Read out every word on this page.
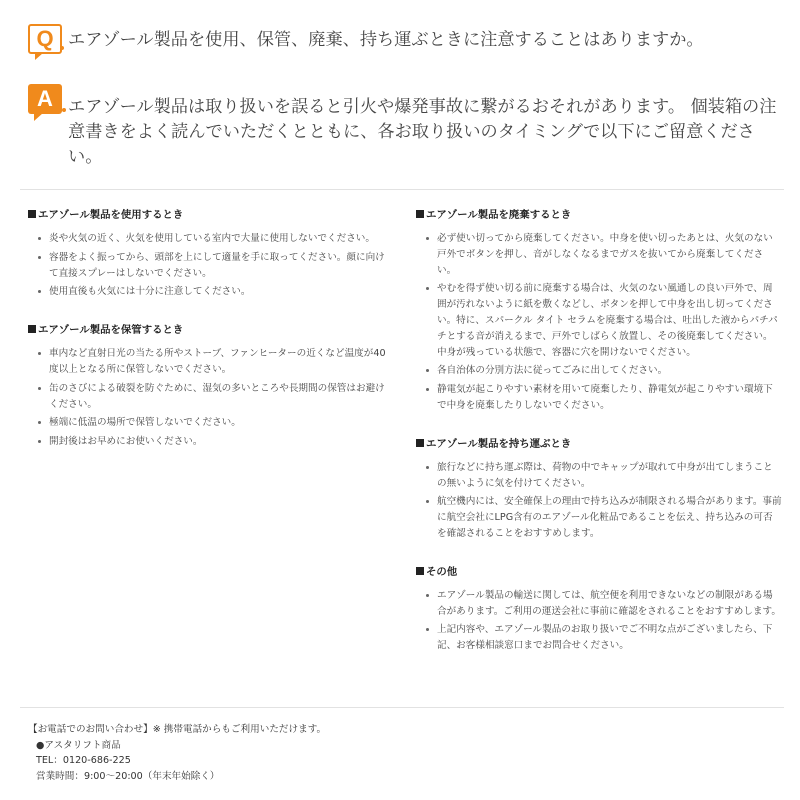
Q エアゾール製品を使用、保管、廃棄、持ち運ぶときに注意することはありますか。
A エアゾール製品は取り扱いを誤ると引火や爆発事故に繋がるおそれがあります。 個装箱の注意書きをよく読んでいただくとともに、各お取り扱いのタイミングで以下にご留意ください。
エアゾール製品を使用するとき
炎や火気の近く、火気を使用している室内で大量に使用しないでください。
容器をよく振ってから、頭部を上にして適量を手に取ってください。顔に向けて直接スプレーはしないでください。
使用直後も火気には十分に注意してください。
エアゾール製品を保管するとき
車内など直射日光の当たる所やストーブ、ファンヒーターの近くなど温度が40度以上となる所に保管しないでください。
缶のさびによる破裂を防ぐために、湿気の多いところや長期間の保管はお避けください。
極端に低温の場所で保管しないでください。
開封後はお早めにお使いください。
エアゾール製品を廃棄するとき
必ず使い切ってから廃棄してください。中身を使い切ったあとは、火気のない戸外でボタンを押し、音がしなくなるまでガスを抜いてから廃棄してください。
やむを得ず使い切る前に廃棄する場合は、火気のない風通しの良い戸外で、周囲が汚れないように紙を敷くなどし、ボタンを押して中身を出し切ってください。特に、スパークル タイト セラムを廃棄する場合は、吐出した液からパチパチとする音が消えるまで、戸外でしばらく放置し、その後廃棄してください。中身が残っている状態で、容器に穴を開けないでください。
各自治体の分別方法に従ってごみに出してください。
静電気が起こりやすい素材を用いて廃棄したり、静電気が起こりやすい環境下で中身を廃棄したりしないでください。
エアゾール製品を持ち運ぶとき
旅行などに持ち運ぶ際は、荷物の中でキャップが取れて中身が出てしまうことの無いように気を付けてください。
航空機内には、安全確保上の理由で持ち込みが制限される場合があります。事前に航空会社にLPG含有のエアゾール化粧品であることを伝え、持ち込みの可否を確認されることをおすすめします。
その他
エアゾール製品の輸送に関しては、航空便を利用できないなどの制限がある場合があります。ご利用の運送会社に事前に確認をされることをおすすめします。
上記内容や、エアゾール製品のお取り扱いでご不明な点がございましたら、下記、お客様相談窓口までお問合せください。
【お電話でのお問い合わせ】※ 携帯電話からもご利用いただけます。
●アスタリフト商品
TEL：0120-686-225
営業時間：9:00〜20:00（年末年始除く）
